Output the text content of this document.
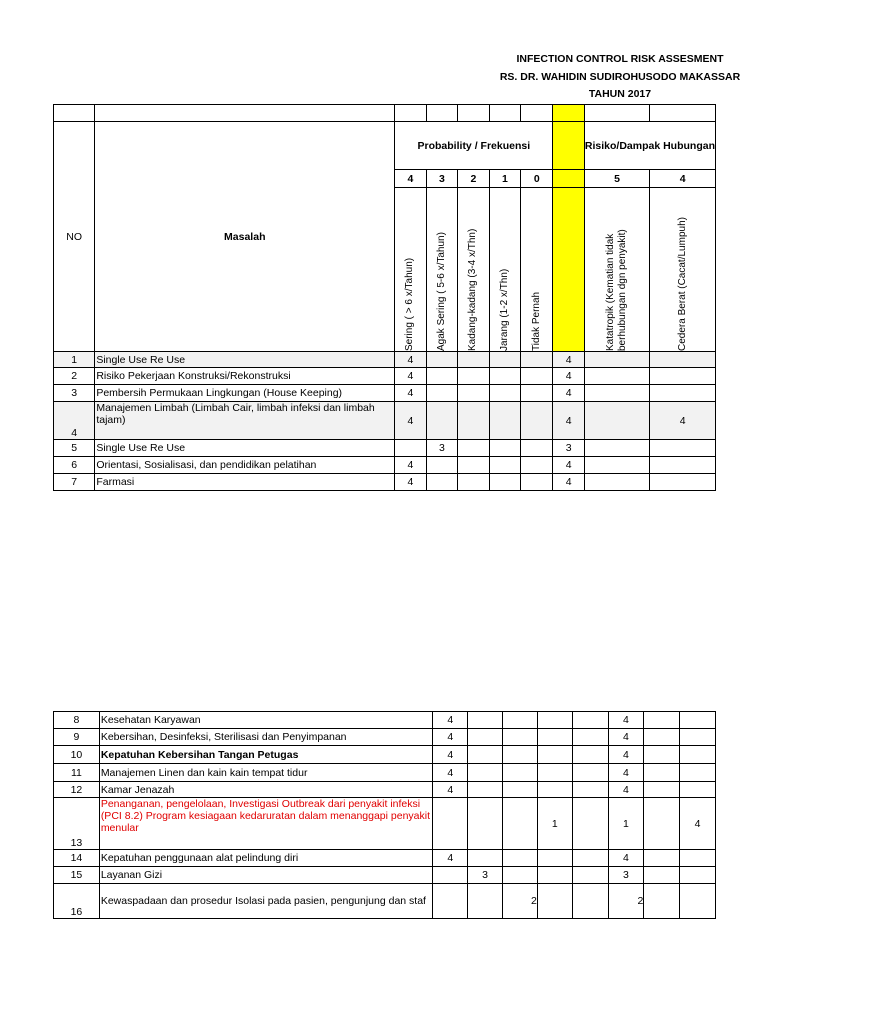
INFECTION CONTROL RISK ASSESMENT
RS. DR. WAHIDIN SUDIROHUSODO MAKASSAR
TAHUN 2017

NO	Masalah	Probability / Frekuensi						Risiko/Dampak Hubungan	
		4	3	2	1	0		5	4

		Sering ( > 6 x/Tahun)	Agak Sering ( 5-6 x/Tahun)	Kadang-kadang (3-4 x/Thn)	Jarang (1-2 x/Thn)	Tidak Pernah		Katatropik (Kematian tidak berhubungan dgn penyakit)	Cedera Berat (Cacat/Lumpuh)

1	Single Use Re Use	4					4		
2	Risiko Pekerjaan Konstruksi/Rekonstruksi	4					4		
3	Pembersih Permukaan Lingkungan (House Keeping)	4					4		
4	Manajemen Limbah (Limbah Cair, limbah infeksi dan limbah tajam)	4					4		4
5	Single Use Re Use		3				3		
6	Orientasi, Sosialisasi, dan pendidikan pelatihan	4					4		
7	Farmasi	4					4		
8	Kesehatan Karyawan	4					4		
9	Kebersihan, Desinfeksi, Sterilisasi dan Penyimpanan	4					4		
10	Kepatuhan Kebersihan Tangan Petugas	4					4		
11	Manajemen Linen dan kain kain tempat tidur	4					4		
12	Kamar Jenazah	4					4		
13	Penanganan, pengelolaan, Investigasi Outbreak dari penyakit infeksi (PCI 8.2) Program kesiagaan kedaruratan dalam menanggapi penyakit menular				1		1		4
14	Kepatuhan penggunaan alat pelindung diri	4					4		
15	Layanan Gizi		3				3		
16	Kewaspadaan dan prosedur Isolasi pada pasien, pengunjung dan staf			2			2		
